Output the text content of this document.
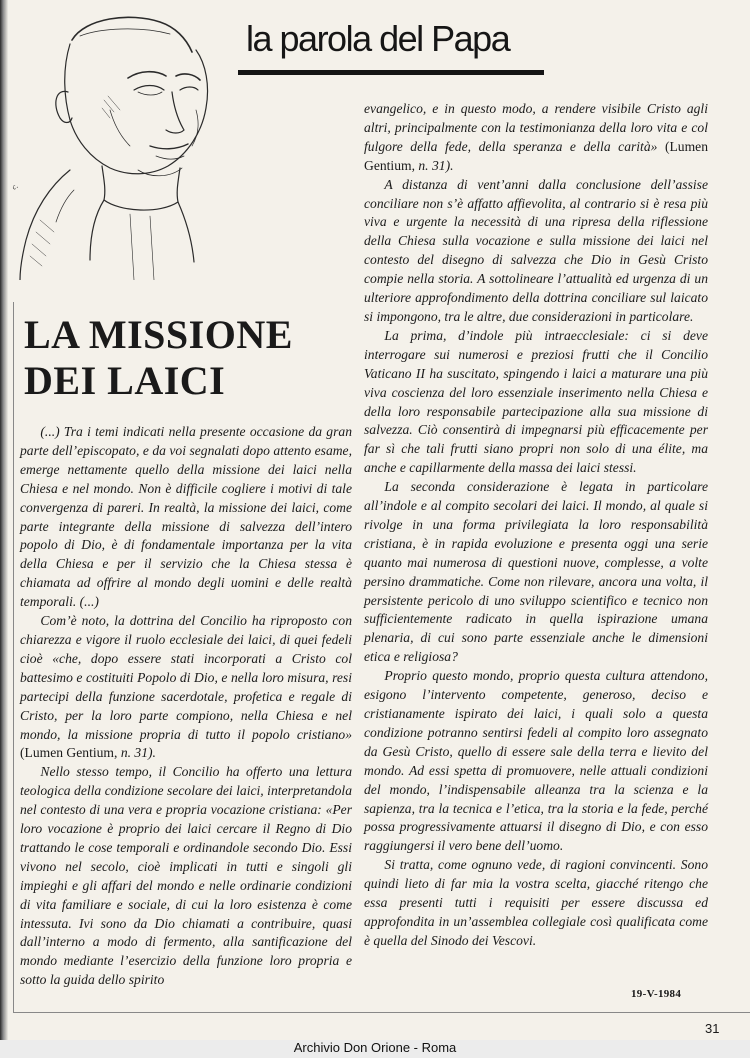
c.
la parola del Papa
LA MISSIONE
DEI LAICI

(...) Tra i temi indicati nella presente occasione da gran parte dell’episcopato, e da voi segnalati dopo attento esame, emerge nettamente quello della missione dei laici nella Chiesa e nel mondo. Non è difficile cogliere i motivi di tale convergenza di pareri. In realtà, la missione dei laici, come parte integrante della missione di salvezza dell’intero popolo di Dio, è di fondamentale importanza per la vita della Chiesa e per il servizio che la Chiesa stessa è chiamata ad offrire al mondo degli uomini e delle realtà temporali. (...)

Com’è noto, la dottrina del Concilio ha riproposto con chiarezza e vigore il ruolo ecclesiale dei laici, di quei fedeli cioè «che, dopo essere stati incorporati a Cristo col battesimo e costituiti Popolo di Dio, e nella loro misura, resi partecipi della funzione sacerdotale, profetica e regale di Cristo, per la loro parte compiono, nella Chiesa e nel mondo, la missione propria di tutto il popolo cristiano» (Lumen Gentium, n. 31).

Nello stesso tempo, il Concilio ha offerto una lettura teologica della condizione secolare dei laici, interpretandola nel contesto di una vera e propria vocazione cristiana: «Per loro vocazione è proprio dei laici cercare il Regno di Dio trattando le cose temporali e ordinandole secondo Dio. Essi vivono nel secolo, cioè implicati in tutti e singoli gli impieghi e gli affari del mondo e nelle ordinarie condizioni di vita familiare e sociale, di cui la loro esistenza è come intessuta. Ivi sono da Dio chiamati a contribuire, quasi dall’interno a modo di fermento, alla santificazione del mondo mediante l’esercizio della funzione loro propria e sotto la guida dello spirito

evangelico, e in questo modo, a rendere visibile Cristo agli altri, principalmente con la testimonianza della loro vita e col fulgore della fede, della speranza e della carità» (Lumen Gentium, n. 31).

A distanza di vent’anni dalla conclusione dell’assise conciliare non s’è affatto affievolita, al contrario si è resa più viva e urgente la necessità di una ripresa della riflessione della Chiesa sulla vocazione e sulla missione dei laici nel contesto del disegno di salvezza che Dio in Gesù Cristo compie nella storia. A sottolineare l’attualità ed urgenza di un ulteriore approfondimento della dottrina conciliare sul laicato si impongono, tra le altre, due considerazioni in particolare.

La prima, d’indole più intraecclesiale: ci si deve interrogare sui numerosi e preziosi frutti che il Concilio Vaticano II ha suscitato, spingendo i laici a maturare una più viva coscienza del loro essenziale inserimento nella Chiesa e della loro responsabile partecipazione alla sua missione di salvezza. Ciò consentirà di impegnarsi più efficacemente per far sì che tali frutti siano propri non solo di una élite, ma anche e capillarmente della massa dei laici stessi.

La seconda considerazione è legata in particolare all’indole e al compito secolari dei laici. Il mondo, al quale si rivolge in una forma privilegiata la loro responsabilità cristiana, è in rapida evoluzione e presenta oggi una serie quanto mai numerosa di questioni nuove, complesse, a volte persino drammatiche. Come non rilevare, ancora una volta, il persistente pericolo di uno sviluppo scientifico e tecnico non sufficientemente radicato in quella ispirazione umana plenaria, di cui sono parte essenziale anche le dimensioni etica e religiosa?

Proprio questo mondo, proprio questa cultura attendono, esigono l’intervento competente, generoso, deciso e cristianamente ispirato dei laici, i quali solo a questa condizione potranno sentirsi fedeli al compito loro assegnato da Gesù Cristo, quello di essere sale della terra e lievito del mondo. Ad essi spetta di promuovere, nelle attuali condizioni del mondo, l’indispensabile alleanza tra la scienza e la sapienza, tra la tecnica e l’etica, tra la storia e la fede, perché possa progressivamente attuarsi il disegno di Dio, e con esso raggiungersi il vero bene dell’uomo.

Si tratta, come ognuno vede, di ragioni convincenti. Sono quindi lieto di far mia la vostra scelta, giacché ritengo che essa presenti tutti i requisiti per essere discussa ed approfondita in un’assemblea collegiale così qualificata come è quella del Sinodo dei Vescovi.

19-V-1984
31
Archivio Don Orione - Roma
